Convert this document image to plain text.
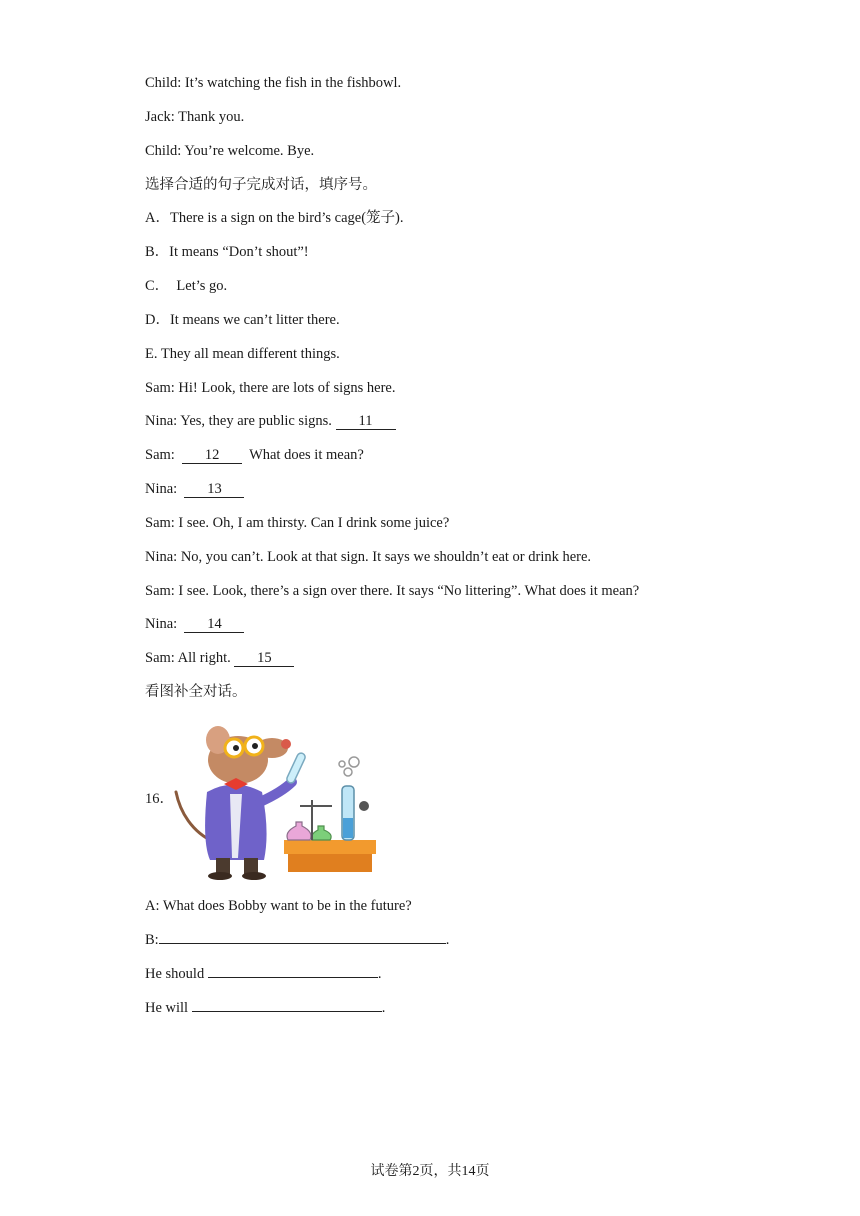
Child: It’s watching the fish in the fishbowl.
Jack: Thank you.
Child: You’re welcome. Bye.
选择合适的句子完成对话，填序号。
A．There is a sign on the bird’s cage(笼子).
B．It means “Don’t shout”!
C．  Let’s go.
D．It means we can’t litter there.
E. They all mean different things.
Sam: Hi! Look, there are lots of signs here.
Nina: Yes, they are public signs. 11
Sam:  12 What does it mean?
Nina:  13
Sam: I see. Oh, I am thirsty. Can I drink some juice?
Nina: No, you can’t. Look at that sign. It says we shouldn’t eat or drink here.
Sam: I see. Look, there’s a sign over there. It says “No littering”. What does it mean?
Nina:  14
Sam: All right. 15
看图补全对话。
16．
A: What does Bobby want to be in the future?
B:	.
He should	.
He will	.
试卷第2页，共14页
